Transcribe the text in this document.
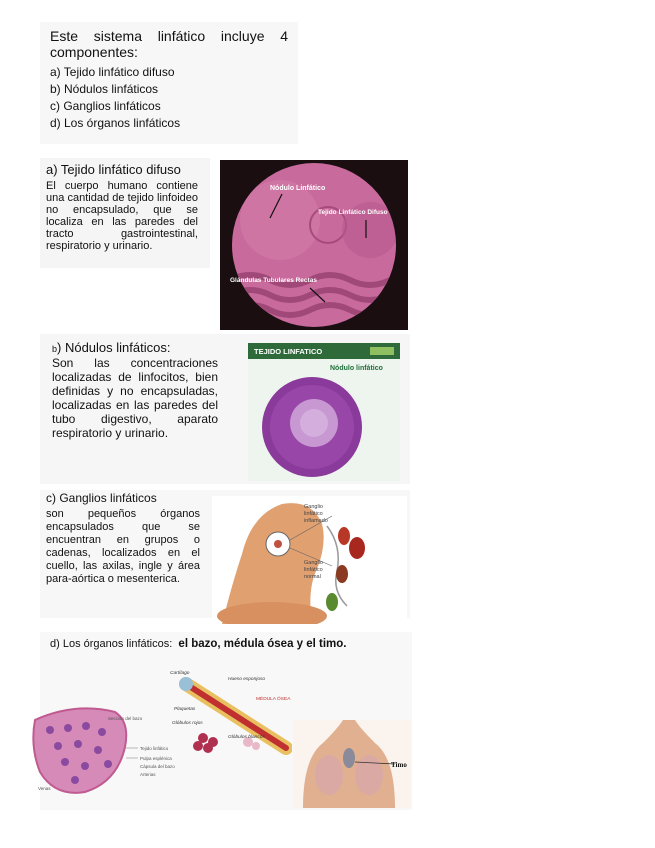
Este sistema linfático incluye 4 componentes:
a) Tejido linfático difuso
b) Nódulos linfáticos
c) Ganglios linfáticos
d) Los órganos linfáticos
a) Tejido linfático difuso
El cuerpo humano contiene una cantidad de tejido linfoideo no encapsulado, que se localiza en las paredes del tracto gastrointestinal, respiratorio y urinario.
Nódulo Linfático
Tejido Linfático Difuso
Glándulas Tubulares Rectas
b) Nódulos linfáticos:
Son las concentraciones localizadas de linfocitos, bien definidas y no encapsuladas, localizadas en las paredes del tubo digestivo, aparato respiratorio y urinario.
TEJIDO LINFATICO
Nódulo linfático
c) Ganglios linfáticos
son pequeños órganos encapsulados que se encuentran en grupos o cadenas, localizados en el cuello, las axilas, ingle y área para-aórtica o mesenterica.
Ganglio
linfático
inflamado
Ganglio
linfático
normal
d) Los órganos linfáticos: el bazo, médula ósea y el timo.
Sección del bazo
Tejido linfático
Pulpa esplénica
Cápsula del bazo
Arterias
Venas
Cartílago
Hueso esponjoso
MÉDULA ÓSEA
Plaquetas
Glóbulos rojos
Glóbulos blancos
Timo
